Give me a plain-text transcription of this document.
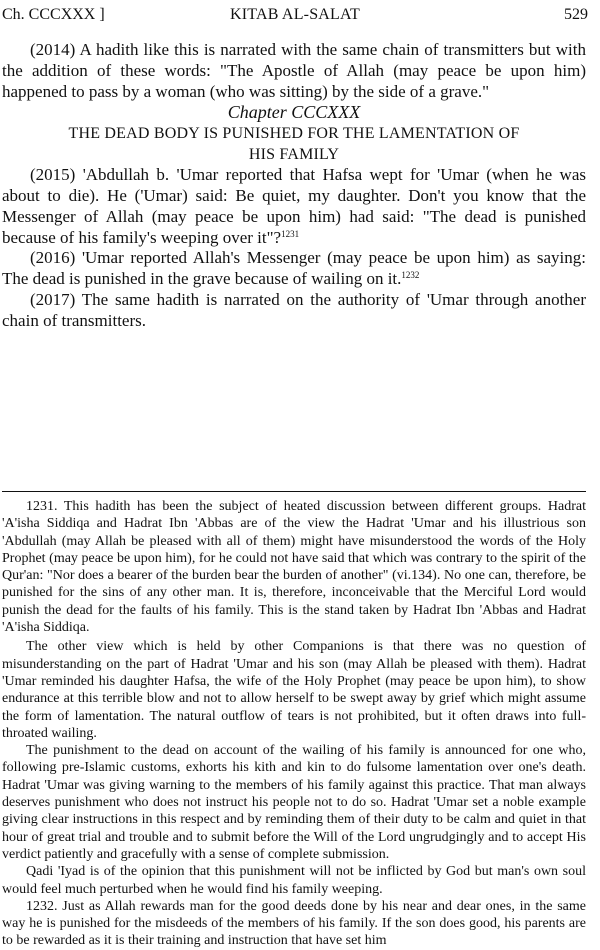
Ch. CCCXXX ]	KITAB AL-SALAT	529

(2014) A hadith like this is narrated with the same chain of transmitters but with the addition of these words: "The Apostle of Allah (may peace be upon him) happened to pass by a woman (who was sitting) by the side of a grave."

Chapter CCCXXX

THE DEAD BODY IS PUNISHED FOR THE LAMENTATION OF HIS FAMILY

(2015) 'Abdullah b. 'Umar reported that Hafsa wept for 'Umar (when he was about to die). He ('Umar) said: Be quiet, my daughter. Don't you know that the Messenger of Allah (may peace be upon him) had said: "The dead is punished because of his family's weeping over it"?$^{1231}$

(2016) 'Umar reported Allah's Messenger (may peace be upon him) as saying: The dead is punished in the grave because of wailing on it.$^{1232}$

(2017) The same hadith is narrated on the authority of 'Umar through another chain of transmitters.

1231. This hadith has been the subject of heated discussion between different groups. Hadrat 'A'isha Siddiqa and Hadrat Ibn 'Abbas are of the view the Hadrat 'Umar and his illustrious son 'Abdullah (may Allah be pleased with all of them) might have misunderstood the words of the Holy Prophet (may peace be upon him), for he could not have said that which was contrary to the spirit of the Qur'an: "Nor does a bearer of the burden bear the burden of another" (vi.134). No one can, therefore, be punished for the sins of any other man. It is, therefore, inconceivable that the Merciful Lord would punish the dead for the faults of his family. This is the stand taken by Hadrat Ibn 'Abbas and Hadrat 'A'isha Siddiqa.

The other view which is held by other Companions is that there was no question of misunderstanding on the part of Hadrat 'Umar and his son (may Allah be pleased with them). Hadrat 'Umar reminded his daughter Hafsa, the wife of the Holy Prophet (may peace be upon him), to show endurance at this terrible blow and not to allow herself to be swept away by grief which might assume the form of lamentation. The natural outflow of tears is not prohibited, but it often draws into full-throated wailing.

The punishment to the dead on account of the wailing of his family is announced for one who, following pre-Islamic customs, exhorts his kith and kin to do fulsome lamentation over one's death. Hadrat 'Umar was giving warning to the members of his family against this practice. That man always deserves punishment who does not instruct his people not to do so. Hadrat 'Umar set a noble example giving clear instructions in this respect and by reminding them of their duty to be calm and quiet in that hour of great trial and trouble and to submit before the Will of the Lord ungrudgingly and to accept His verdict patiently and gracefully with a sense of complete submission.

Qadi 'Iyad is of the opinion that this punishment will not be inflicted by God but man's own soul would feel much perturbed when he would find his family weeping.

1232. Just as Allah rewards man for the good deeds done by his near and dear ones, in the same way he is punished for the misdeeds of the members of his family. If the son does good, his parents are to be rewarded as it is their training and instruction that have set him
